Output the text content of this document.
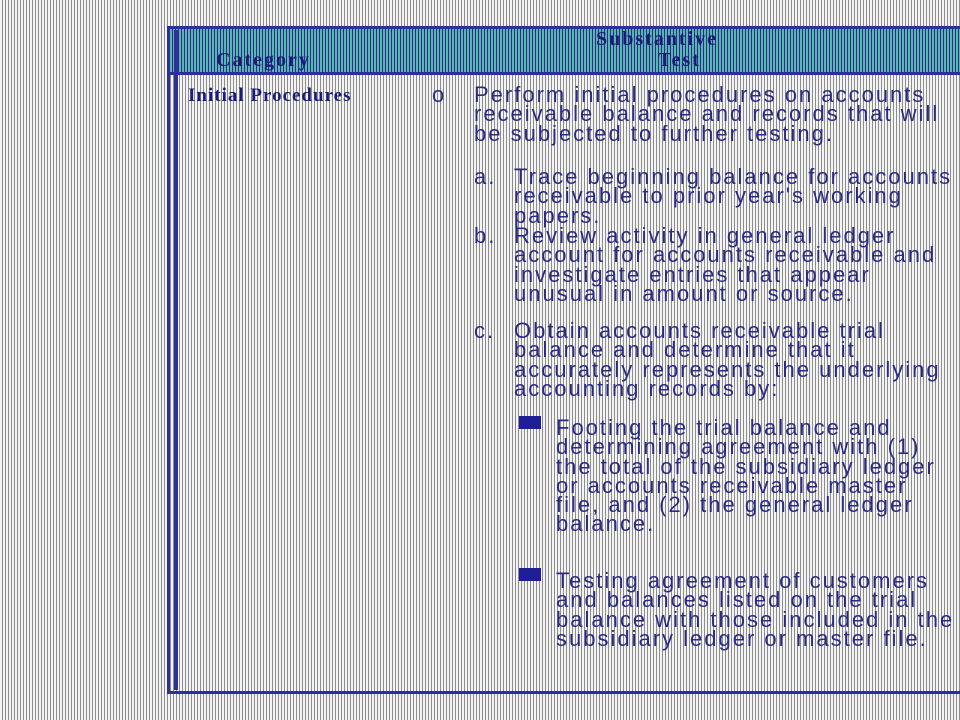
Category
Substantive
Test
Initial Procedures	o Perform initial procedures on accounts receivable balance and records that will be subjected to further testing.
a. Trace beginning balance for accounts receivable to prior year's working papers.
b. Review activity in general ledger account for accounts receivable and investigate entries that appear unusual in amount or source.
c. Obtain accounts receivable trial balance and determine that it accurately represents the underlying accounting records by:
Footing the trial balance and determining agreement with (1) the total of the subsidiary ledger or accounts receivable master file, and (2) the general ledger balance.
Testing agreement of customers and balances listed on the trial balance with those included in the subsidiary ledger or master file.
